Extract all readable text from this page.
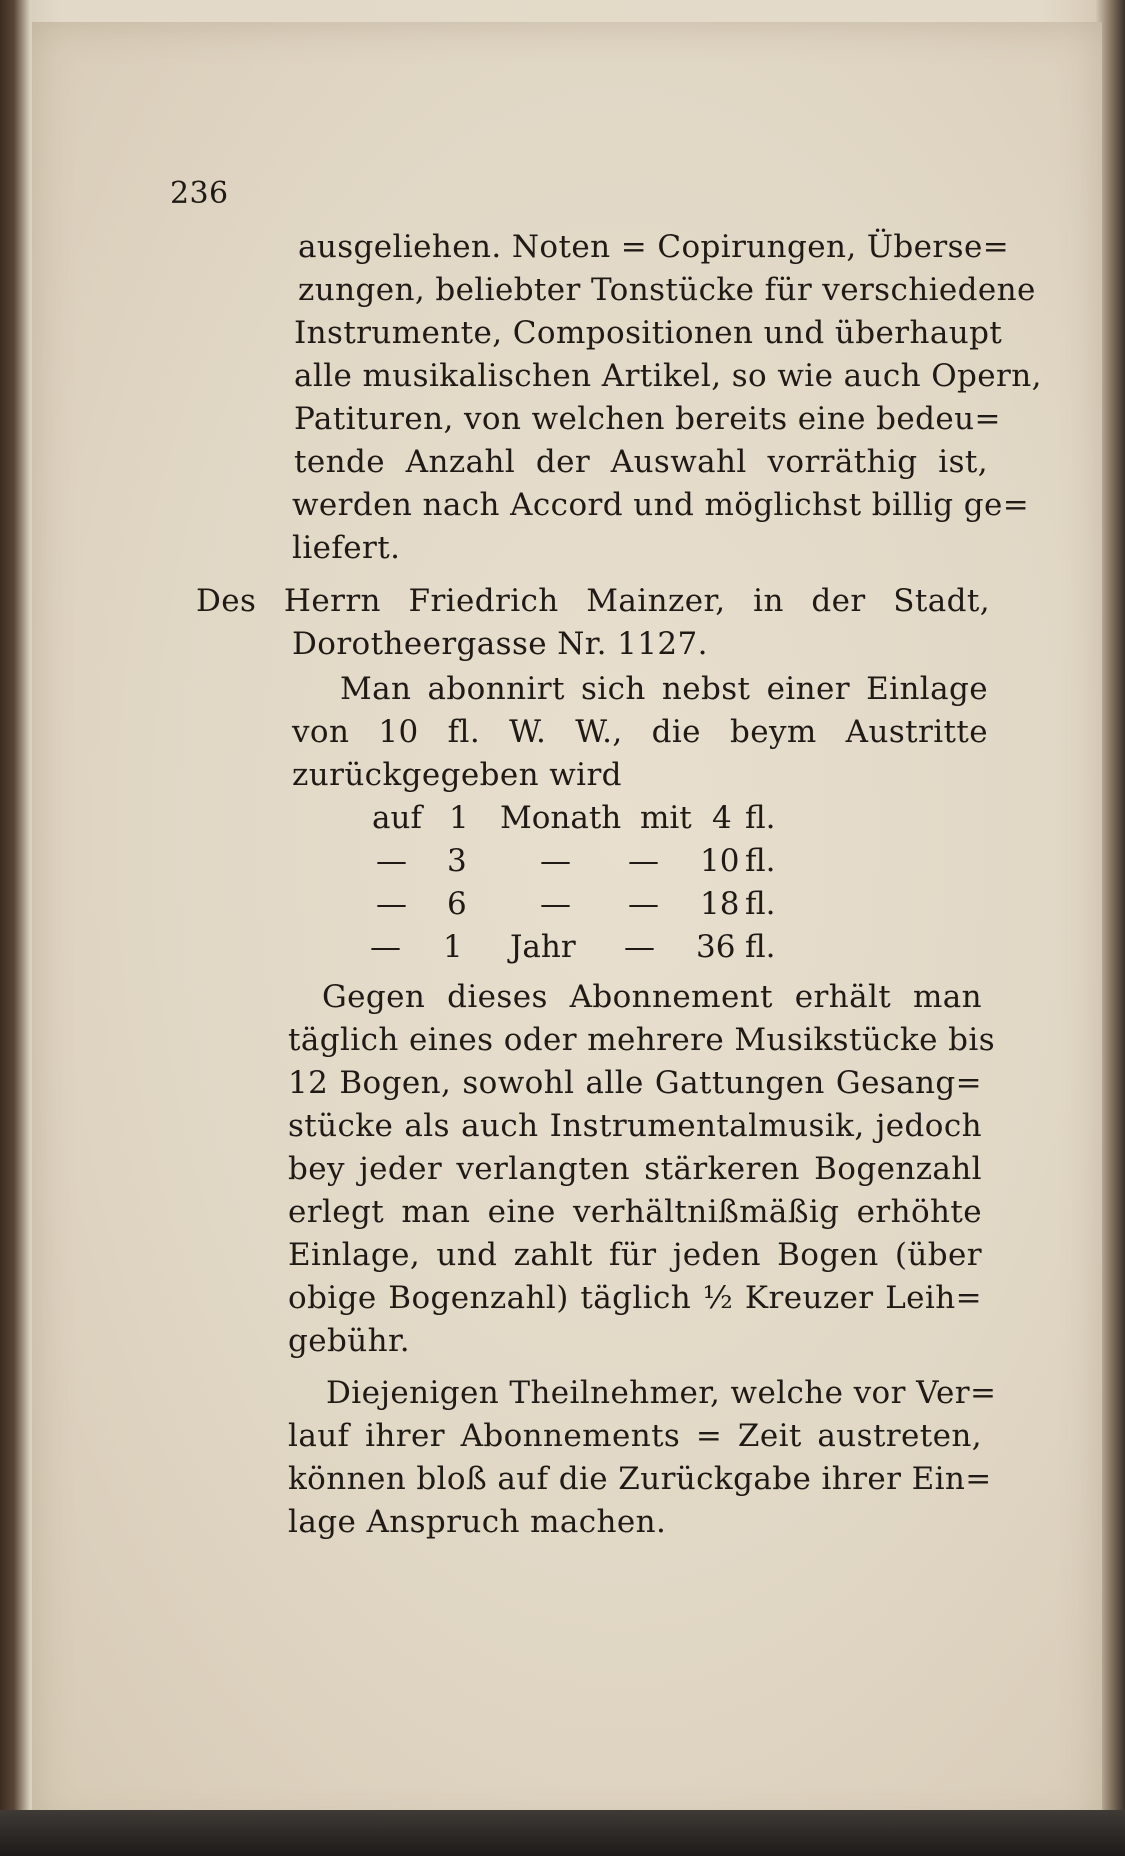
236
ausgeliehen. Noten = Copirungen, Überse=
zungen, beliebter Tonstücke für verschiedene
Instrumente, Compositionen und überhaupt
alle musikalischen Artikel, so wie auch Opern,
Patituren, von welchen bereits eine bedeu=
tende Anzahl der Auswahl vorräthig ist,
werden nach Accord und möglichst billig ge=
liefert.
Des Herrn Friedrich Mainzer, in der Stadt,
Dorotheergasse Nr. 1127.
Man abonnirt sich nebst einer Einlage
von 10 fl. W. W., die beym Austritte
zurückgegeben wird
auf 1 Monath mit 4 fl.
— 3 — — 10 fl.
— 6 — — 18 fl.
— 1 Jahr — 36 fl.
Gegen dieses Abonnement erhält man
täglich eines oder mehrere Musikstücke bis
12 Bogen, sowohl alle Gattungen Gesang=
stücke als auch Instrumentalmusik, jedoch
bey jeder verlangten stärkeren Bogenzahl
erlegt man eine verhältnißmäßig erhöhte
Einlage, und zahlt für jeden Bogen (über
obige Bogenzahl) täglich ½ Kreuzer Leih=
gebühr.
Diejenigen Theilnehmer, welche vor Ver=
lauf ihrer Abonnements = Zeit austreten,
können bloß auf die Zurückgabe ihrer Ein=
lage Anspruch machen.
